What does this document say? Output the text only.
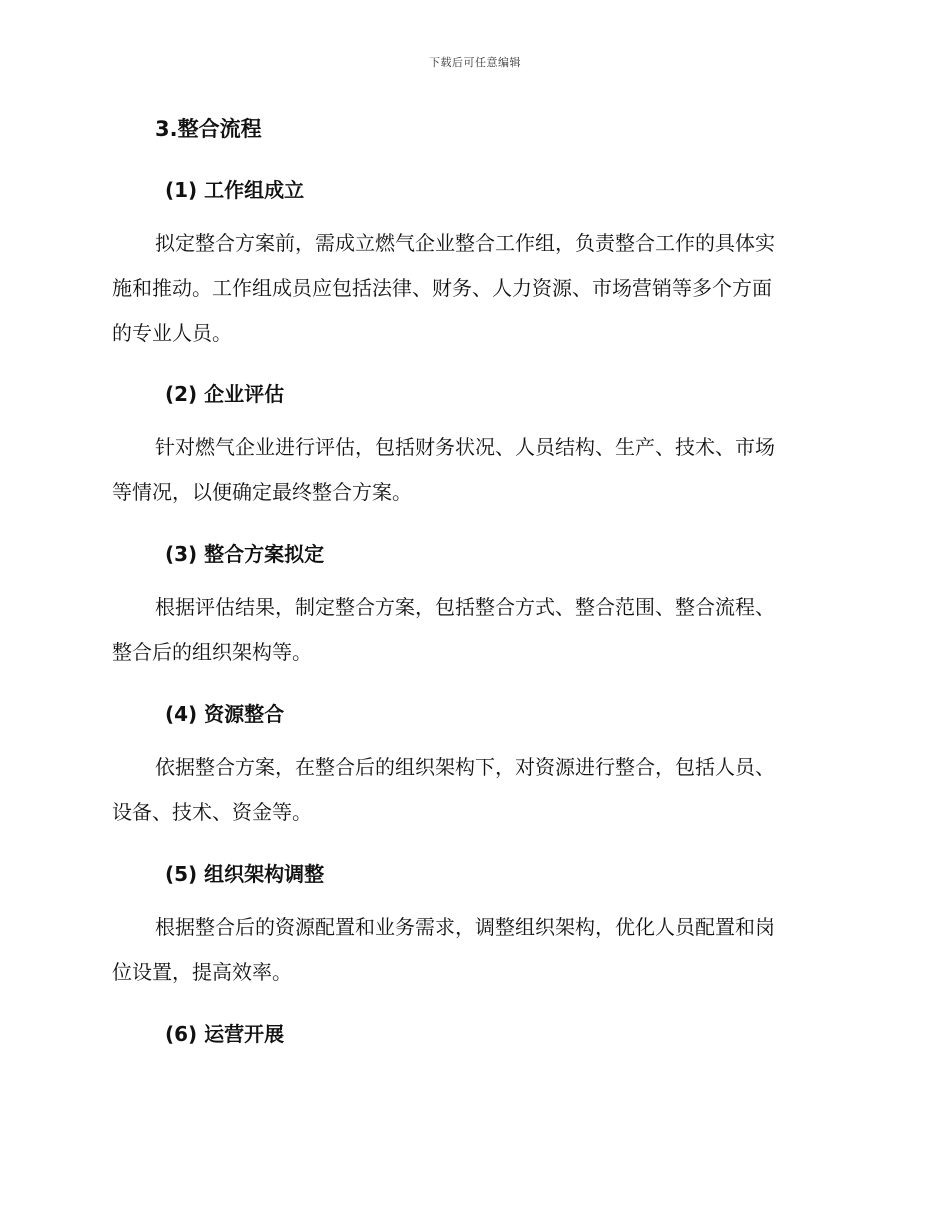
下载后可任意编辑
3.整合流程
(1) 工作组成立
拟定整合方案前，需成立燃气企业整合工作组，负责整合工作的具体实
施和推动。工作组成员应包括法律、财务、人力资源、市场营销等多个方面
的专业人员。
(2) 企业评估
针对燃气企业进行评估，包括财务状况、人员结构、生产、技术、市场
等情况，以便确定最终整合方案。
(3) 整合方案拟定
根据评估结果，制定整合方案，包括整合方式、整合范围、整合流程、
整合后的组织架构等。
(4) 资源整合
依据整合方案，在整合后的组织架构下，对资源进行整合，包括人员、
设备、技术、资金等。
(5) 组织架构调整
根据整合后的资源配置和业务需求，调整组织架构，优化人员配置和岗
位设置，提高效率。
(6) 运营开展
